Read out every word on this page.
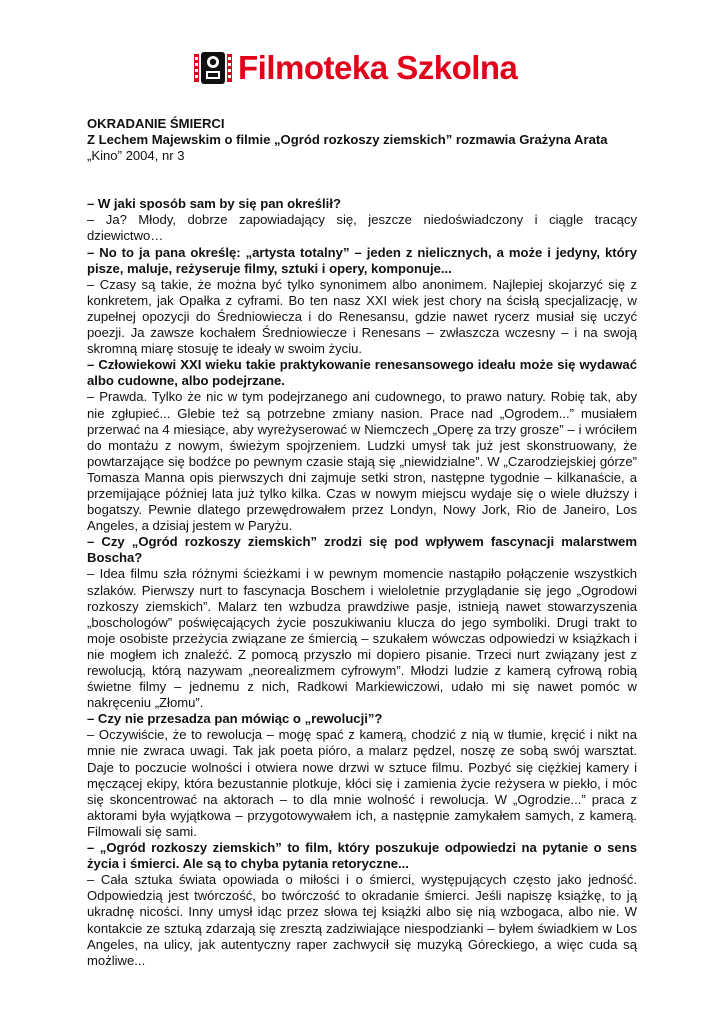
Filmoteka Szkolna

OKRADANIE ŚMIERCI

Z Lechem Majewskim o filmie „Ogród rozkoszy ziemskich” rozmawia Grażyna Arata

„Kino” 2004, nr 3

– W jaki sposób sam by się pan określił?

– Ja? Młody, dobrze zapowiadający się, jeszcze niedoświadczony i ciągle tracący dziewictwo…

– No to ja pana określę: „artysta totalny” – jeden z nielicznych, a może i jedyny, który pisze, maluje, reżyseruje filmy, sztuki i opery, komponuje...

– Czasy są takie, że można być tylko synonimem albo anonimem. Najlepiej skojarzyć się z konkretem, jak Opałka z cyframi. Bo ten nasz XXI wiek jest chory na ścisłą specjalizację, w zupełnej opozycji do Średniowiecza i do Renesansu, gdzie nawet rycerz musiał się uczyć poezji. Ja zawsze kochałem Średniowiecze i Renesans – zwłaszcza wczesny – i na swoją skromną miarę stosuję te ideały w swoim życiu.

– Człowiekowi XXI wieku takie praktykowanie renesansowego ideału może się wydawać albo cudowne, albo podejrzane.

– Prawda. Tylko że nic w tym podejrzanego ani cudownego, to prawo natury. Robię tak, aby nie zgłupieć... Glebie też są potrzebne zmiany nasion. Prace nad „Ogrodem...” musiałem przerwać na 4 miesiące, aby wyreżyserować w Niemczech „Operę za trzy grosze” – i wróciłem do montażu z nowym, świeżym spojrzeniem. Ludzki umysł tak już jest skonstruowany, że powtarzające się bodźce po pewnym czasie stają się „niewidzialne”. W „Czarodziejskiej górze” Tomasza Manna opis pierwszych dni zajmuje setki stron, następne tygodnie – kilkanaście, a przemijające później lata już tylko kilka. Czas w nowym miejscu wydaje się o wiele dłuższy i bogatszy. Pewnie dlatego przewędrowałem przez Londyn, Nowy Jork, Rio de Janeiro, Los Angeles, a dzisiaj jestem w Paryżu.

– Czy „Ogród rozkoszy ziemskich” zrodzi się pod wpływem fascynacji malarstwem Boscha?

– Idea filmu szła różnymi ścieżkami i w pewnym momencie nastąpiło połączenie wszystkich szlaków. Pierwszy nurt to fascynacja Boschem i wieloletnie przyglądanie się jego „Ogrodowi rozkoszy ziemskich”. Malarz ten wzbudza prawdziwe pasje, istnieją nawet stowarzyszenia „boschologów” poświęcających życie poszukiwaniu klucza do jego symboliki. Drugi trakt to moje osobiste przeżycia związane ze śmiercią – szukałem wówczas odpowiedzi w książkach i nie mogłem ich znaleźć. Z pomocą przyszło mi dopiero pisanie. Trzeci nurt związany jest z rewolucją, którą nazywam „neorealizmem cyfrowym”. Młodzi ludzie z kamerą cyfrową robią świetne filmy – jednemu z nich, Radkowi Markiewiczowi, udało mi się nawet pomóc w nakręceniu „Złomu”.

– Czy nie przesadza pan mówiąc o „rewolucji”?

– Oczywiście, że to rewolucja – mogę spać z kamerą, chodzić z nią w tłumie, kręcić i nikt na mnie nie zwraca uwagi. Tak jak poeta pióro, a malarz pędzel, noszę ze sobą swój warsztat. Daje to poczucie wolności i otwiera nowe drzwi w sztuce filmu. Pozbyć się ciężkiej kamery i męczącej ekipy, która bezustannie plotkuje, kłóci się i zamienia życie reżysera w piekło, i móc się skoncentrować na aktorach – to dla mnie wolność i rewolucja. W „Ogrodzie...” praca z aktorami była wyjątkowa – przygotowywałem ich, a następnie zamykałem samych, z kamerą. Filmowali się sami.

– „Ogród rozkoszy ziemskich” to film, który poszukuje odpowiedzi na pytanie o sens życia i śmierci. Ale są to chyba pytania retoryczne...

– Cała sztuka świata opowiada o miłości i o śmierci, występujących często jako jedność. Odpowiedzią jest twórczość, bo twórczość to okradanie śmierci. Jeśli napiszę książkę, to ją ukradnę nicości. Inny umysł idąc przez słowa tej książki albo się nią wzbogaca, albo nie. W kontakcie ze sztuką zdarzają się zresztą zadziwiające niespodzianki – byłem świadkiem w Los Angeles, na ulicy, jak autentyczny raper zachwycił się muzyką Góreckiego, a więc cuda są możliwe...
